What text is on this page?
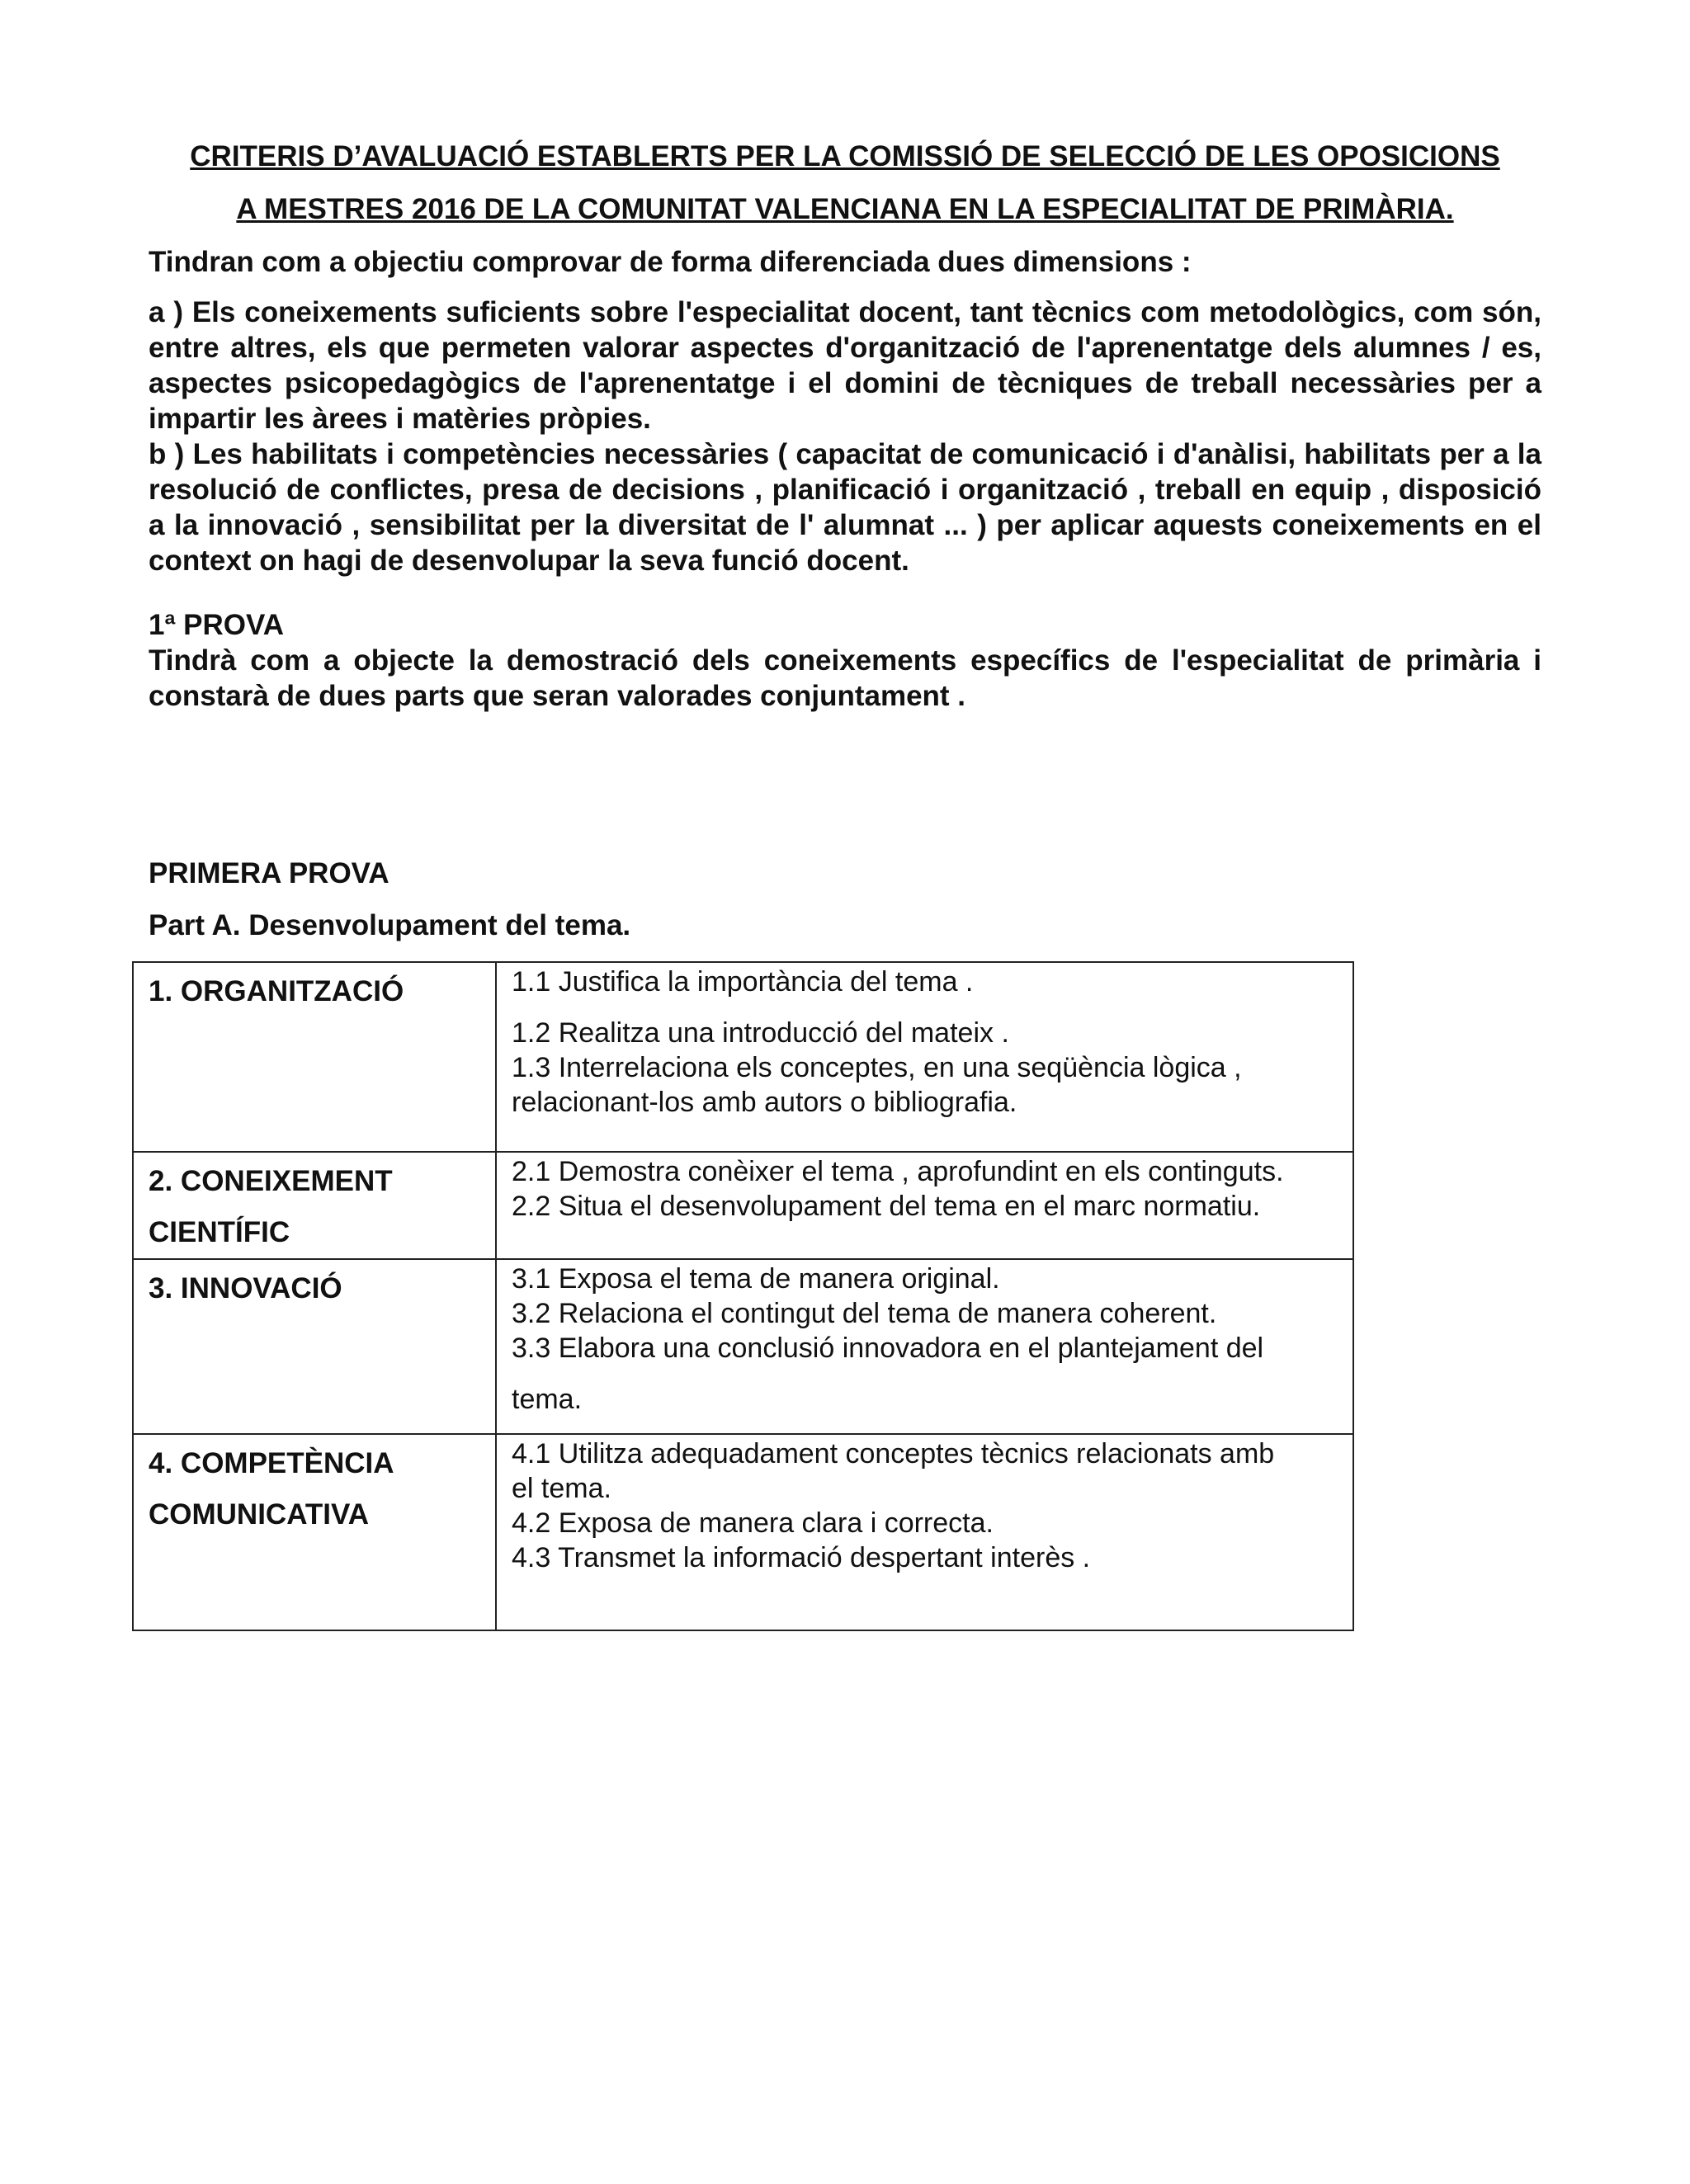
CRITERIS D’AVALUACIÓ ESTABLERTS PER LA COMISSIÓ DE SELECCIÓ DE LES OPOSICIONS
A MESTRES 2016 DE LA COMUNITAT VALENCIANA EN LA ESPECIALITAT DE PRIMÀRIA.
Tindran com a objectiu comprovar de forma diferenciada dues dimensions :

a ) Els coneixements suficients sobre l'especialitat docent, tant tècnics com metodològics, com són, entre altres, els que permeten valorar aspectes d'organització de l'aprenentatge dels alumnes / es, aspectes psicopedagògics de l'aprenentatge i el domini de tècniques de treball necessàries per a impartir les àrees i matèries pròpies.

b ) Les habilitats i competències necessàries ( capacitat de comunicació i d'anàlisi, habilitats per a la resolució de conflictes, presa de decisions , planificació i organització , treball en equip , disposició a la innovació , sensibilitat per la diversitat de l' alumnat ... ) per aplicar aquests coneixements en el context on hagi de desenvolupar la seva funció docent.

1ª PROVA
Tindrà com a objecte la demostració dels coneixements específics de l'especialitat de primària i constarà de dues parts que seran valorades conjuntament .
PRIMERA PROVA
Part A. Desenvolupament del tema.
1. ORGANITZACIÓ	1.1 Justifica la importància del tema .
1.2 Realitza una introducció del mateix .
1.3 Interrelaciona els conceptes, en una seqüència lògica ,
relacionant-los amb autors o bibliografia.

2. CONEIXEMENT
CIENTÍFIC	2.1 Demostra conèixer el tema , aprofundint en els continguts.
2.2 Situa el desenvolupament del tema en el marc normatiu.

3. INNOVACIÓ	3.1 Exposa el tema de manera original.
3.2 Relaciona el contingut del tema de manera coherent.
3.3 Elabora una conclusió innovadora en el plantejament del
tema.

4. COMPETÈNCIA
COMUNICATIVA	4.1 Utilitza adequadament conceptes tècnics relacionats amb
el tema.
4.2 Exposa de manera clara i correcta.
4.3 Transmet la informació despertant interès .
